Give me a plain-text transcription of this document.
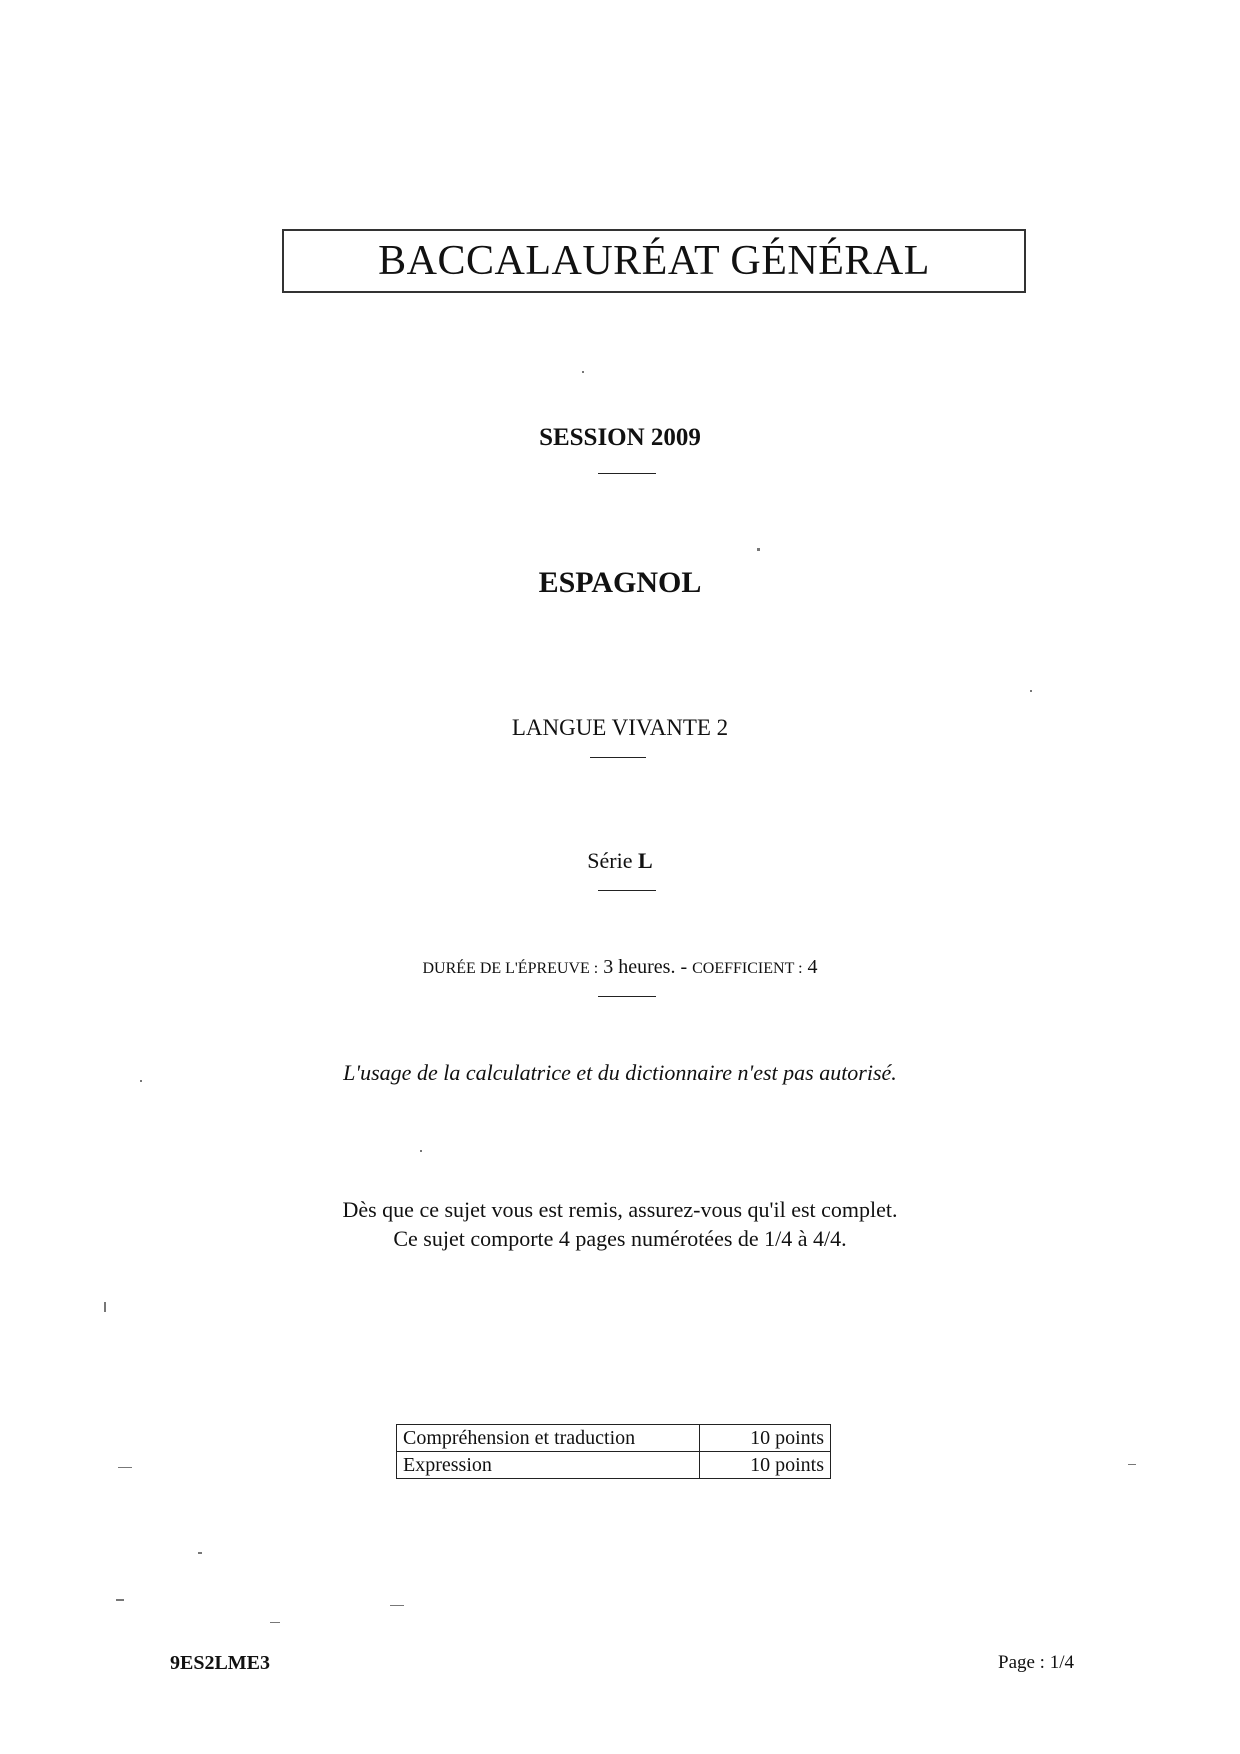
BACCALAURÉAT GÉNÉRAL
SESSION 2009
ESPAGNOL
LANGUE VIVANTE 2
Série L
DURÉE DE L'ÉPREUVE : 3 heures. - COEFFICIENT : 4
L'usage de la calculatrice et du dictionnaire n'est pas autorisé.
Dès que ce sujet vous est remis, assurez-vous qu'il est complet.
Ce sujet comporte 4 pages numérotées de 1/4 à 4/4.
Compréhension et traduction	10 points
Expression	10 points
9ES2LME3	Page : 1/4
